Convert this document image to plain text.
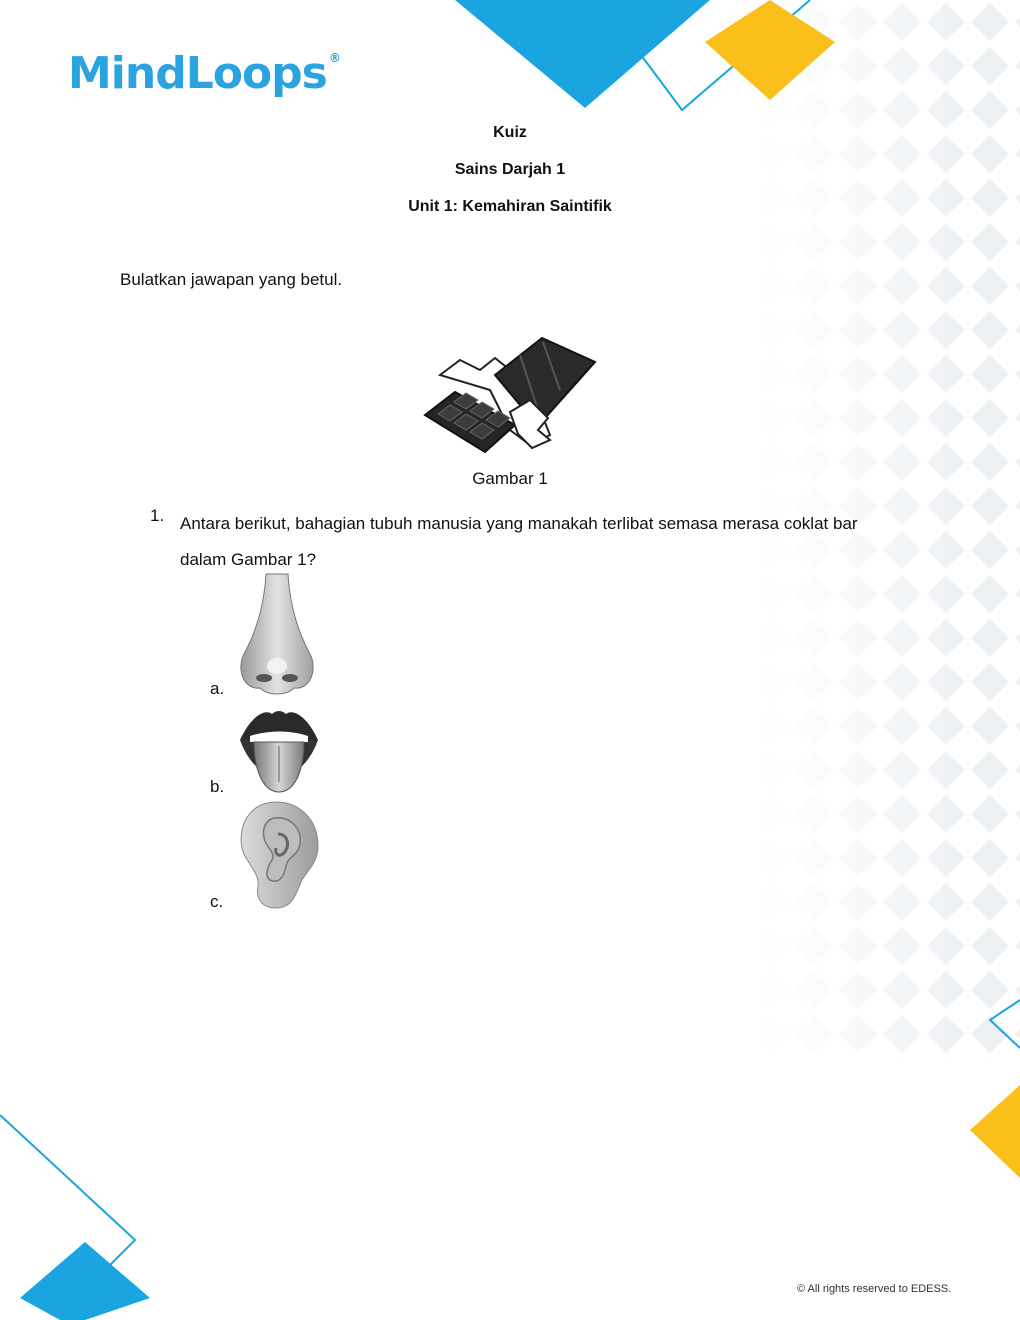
MindLoops ®
Kuiz
Sains Darjah 1
Unit 1: Kemahiran Saintifik
Bulatkan jawapan yang betul.
Gambar 1
1. Antara berikut, bahagian tubuh manusia yang manakah terlibat semasa merasa coklat bar dalam Gambar 1?
a.
b.
c.
© All rights reserved to EDESS.
